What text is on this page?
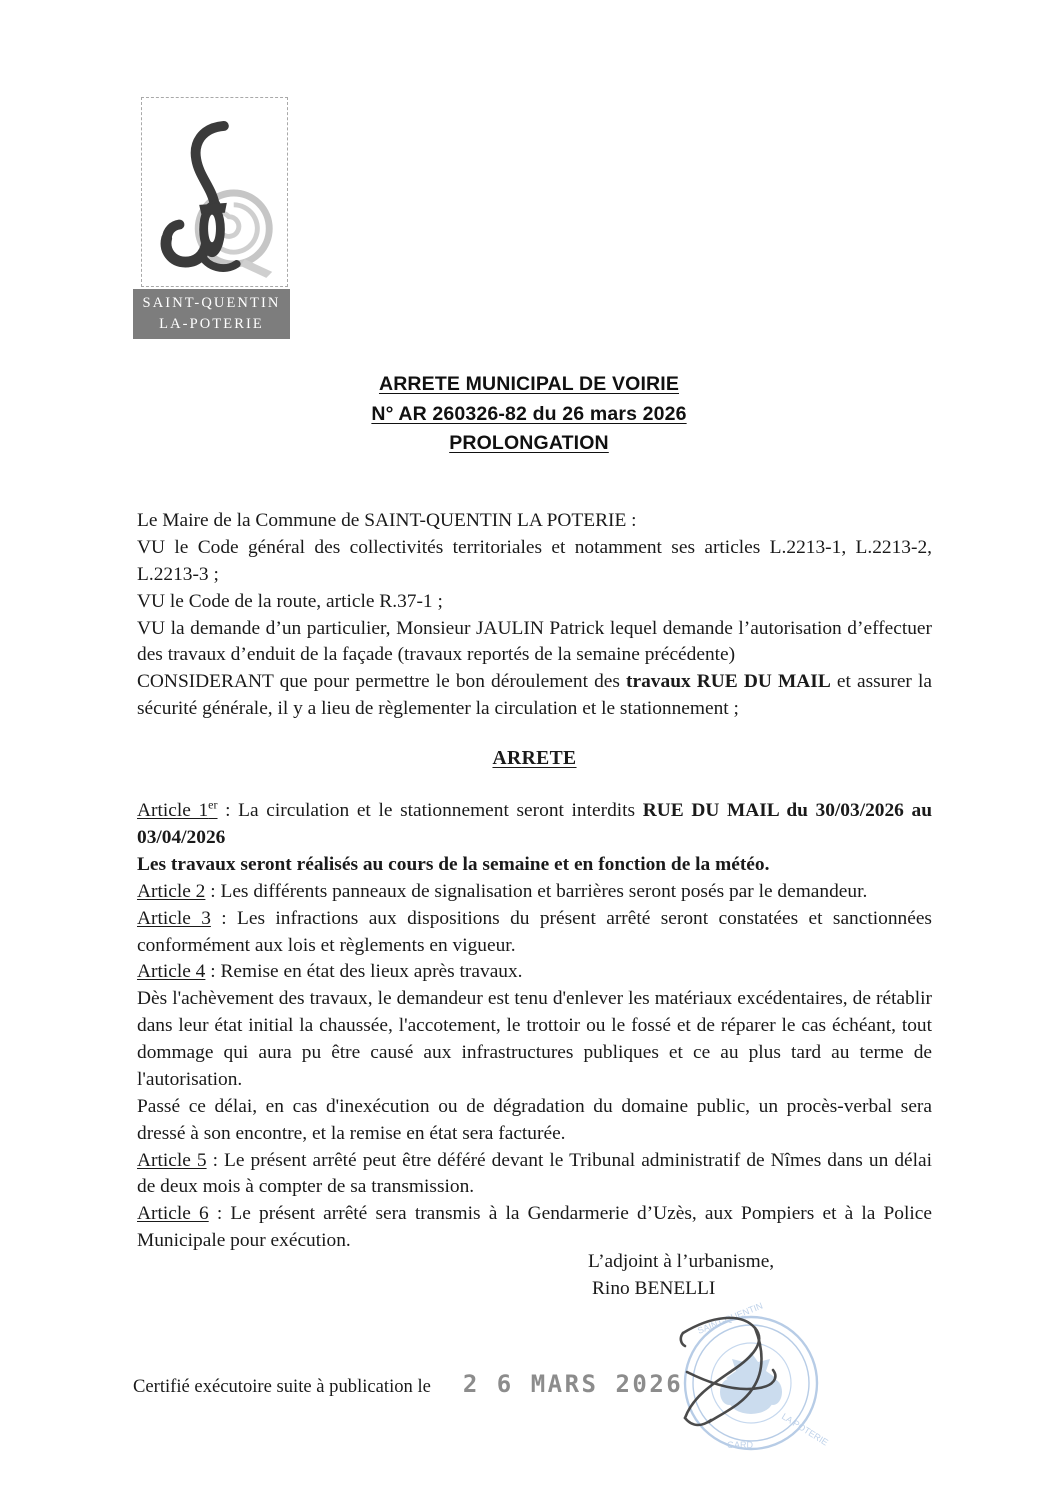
SAINT-QUENTIN
LA-POTERIE
ARRETE MUNICIPAL DE VOIRIE
N° AR 260326-82 du 26 mars 2026
PROLONGATION

Le Maire de la Commune de SAINT-QUENTIN LA POTERIE :

VU le Code général des collectivités territoriales et notamment ses articles L.2213-1, L.2213-2, L.2213-3 ;

VU le Code de la route, article R.37-1 ;

VU la demande d’un particulier, Monsieur JAULIN Patrick lequel demande l’autorisation d’effectuer des travaux d’enduit de la façade (travaux reportés de la semaine précédente)

CONSIDERANT que pour permettre le bon déroulement des travaux RUE DU MAIL et assurer la sécurité générale, il y a lieu de règlementer la circulation et le stationnement ;

ARRETE

Article 1er : La circulation et le stationnement seront interdits RUE DU MAIL du 30/03/2026 au 03/04/2026

Les travaux seront réalisés au cours de la semaine et en fonction de la météo.

Article 2 : Les différents panneaux de signalisation et barrières seront posés par le demandeur.

Article 3 : Les infractions aux dispositions du présent arrêté seront constatées et sanctionnées conformément aux lois et règlements en vigueur.

Article 4 : Remise en état des lieux après travaux.

Dès l'achèvement des travaux, le demandeur est tenu d'enlever les matériaux excédentaires, de rétablir dans leur état initial la chaussée, l'accotement, le trottoir ou le fossé et de réparer le cas échéant, tout dommage qui aura pu être causé aux infrastructures publiques et ce au plus tard au terme de l'autorisation.

Passé ce délai, en cas d'inexécution ou de dégradation du domaine public, un procès-verbal sera dressé à son encontre, et la remise en état sera facturée.

Article 5 : Le présent arrêté peut être déféré devant le Tribunal administratif de Nîmes dans un délai de deux mois à compter de sa transmission.

Article 6 : Le présent arrêté sera transmis à la Gendarmerie d’Uzès, aux Pompiers et à la Police Municipale pour exécution.

L’adjoint à l’urbanisme,
Rino BENELLI
SAINT-QUENTIN
LA POTERIE
GARD
Certifié exécutoire suite à publication le 2 6 MARS 2026
